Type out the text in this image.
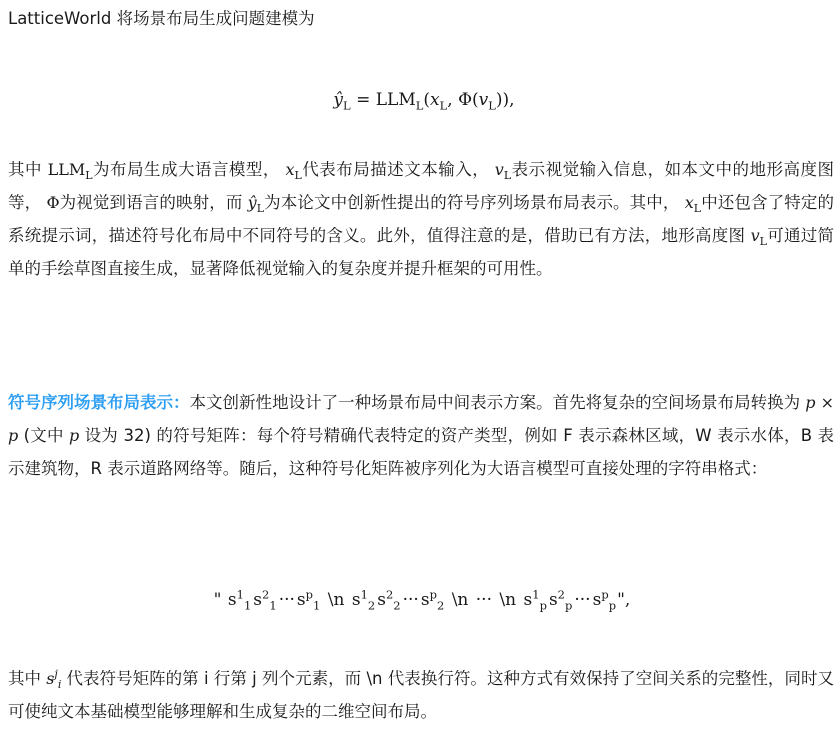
LatticeWorld 将场景布局生成问题建模为

$ŷ_L = LLM_L(x_L$, $\Phi(v_L)$),

其中 $LLM_L$为布局生成大语言模型， $x_L$代表布局描述文本输入， $v_L$表示视觉输入信息，如本文中的地形高度图等， Φ为视觉到语言的映射，而 $ŷ_L$为本论文中创新性提出的符号序列场景布局表示。其中， $x_L$中还包含了特定的系统提示词，描述符号化布局中不同符号的含义。此外，值得注意的是，借助已有方法，地形高度图 $v_L$可通过简单的手绘草图直接生成，显著降低视觉输入的复杂度并提升框架的可用性。

符号序列场景布局表示：本文创新性地设计了一种场景布局中间表示方案。首先将复杂的空间场景布局转换为 p × p (文中 p 设为 32) 的符号矩阵：每个符号精确代表特定的资产类型，例如 F 表示森林区域，W 表示水体，B 表示建筑物，R 表示道路网络等。随后，这种符号化矩阵被序列化为大语言模型可直接处理的字符串格式：

" $s^1_1$ $s^2_1$ ··· $s^p_1$ \n $s^1_2$ $s^2_2$ ··· $s^p_2$ \n ··· \n $s^1_p$ $s^2_p$ ··· $s^p_p$",

其中 $s^j_i$ 代表符号矩阵的第 i 行第 j 列个元素，而 \n 代表换行符。这种方式有效保持了空间关系的完整性，同时又可使纯文本基础模型能够理解和生成复杂的二维空间布局。
